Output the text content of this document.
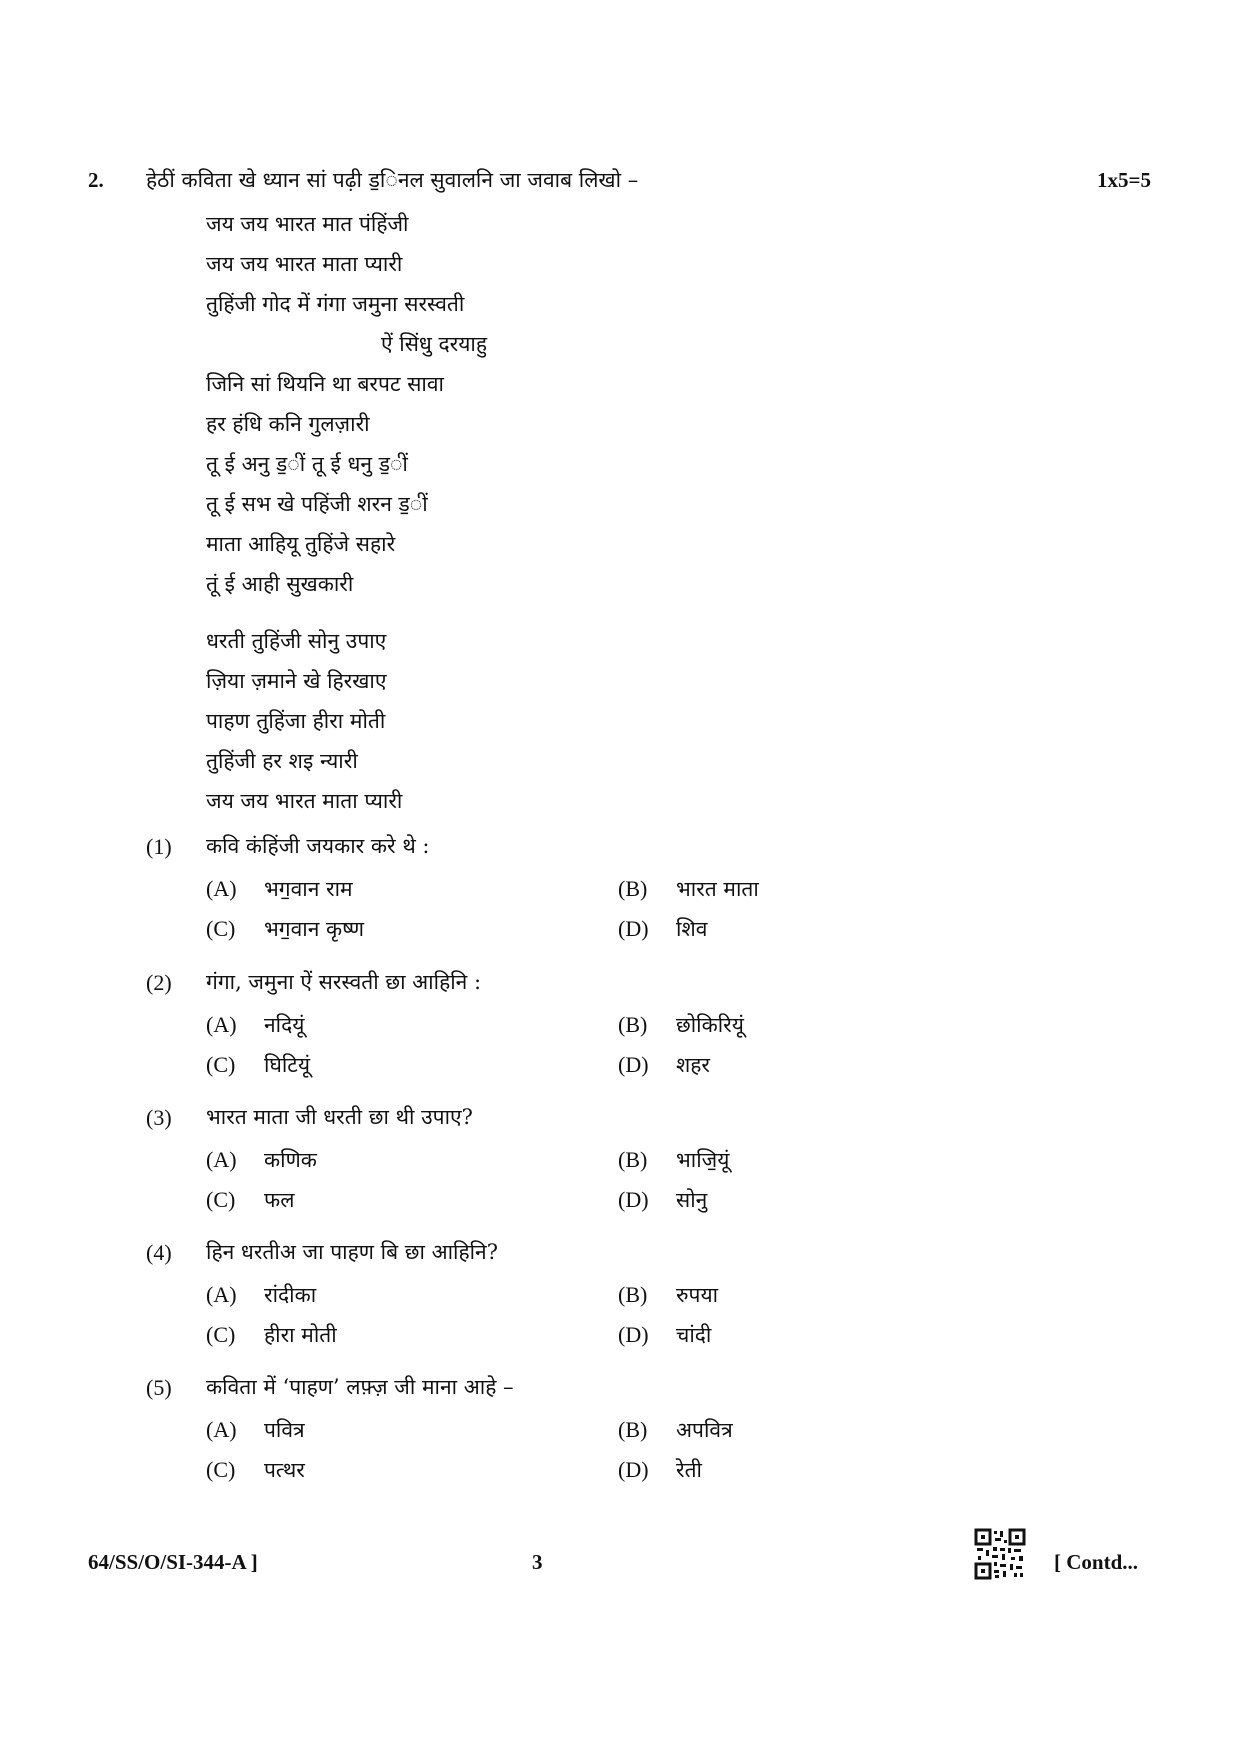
2. हेठीं कविता खे ध्यान सां पढ़ी ड॒िनल सुवालनि जा जवाब लिखो –	1x5=5
जय जय भारत मात पंहिंजी
जय जय भारत माता प्यारी
तुहिंजी गोद में गंगा जमुना सरस्वती
ऐं सिंधु दरयाहु
जिनि सां थियनि था बरपट सावा
हर हंधि कनि गुलज़ारी
तू ई अनु ड॒ीं तू ई धनु ड॒ीं
तू ई सभ खे पहिंजी शरन ड॒ीं
माता आहियू तुहिंजे सहारे
तूं ई आही सुखकारी
धरती तुहिंजी सोनु उपाए
ज़िया ज़माने खे हिरखाए
पाहण तुहिंजा हीरा मोती
तुहिंजी हर शइ न्यारी
जय जय भारत माता प्यारी
(1) कवि कंहिंजी जयकार करे थे :
(A) भग॒वान राम	(B) भारत माता
(C) भग॒वान कृष्ण	(D) शिव
(2) गंगा, जमुना ऐं सरस्वती छा आहिनि :
(A) नदियूं	(B) छोकिरियूं
(C) घिटियूं	(D) शहर
(3) भारत माता जी धरती छा थी उपाए?
(A) कणिक	(B) भाजि॒यूं
(C) फल	(D) सोनु
(4) हिन धरतीअ जा पाहण बि छा आहिनि?
(A) रांदीका	(B) रुपया
(C) हीरा मोती	(D) चांदी
(5) कविता में ‘पाहण’ लफ़्ज़ जी माना आहे –
(A) पवित्र	(B) अपवित्र
(C) पत्थर	(D) रेती
64/SS/O/SI-344-A ]	3	[ Contd...
